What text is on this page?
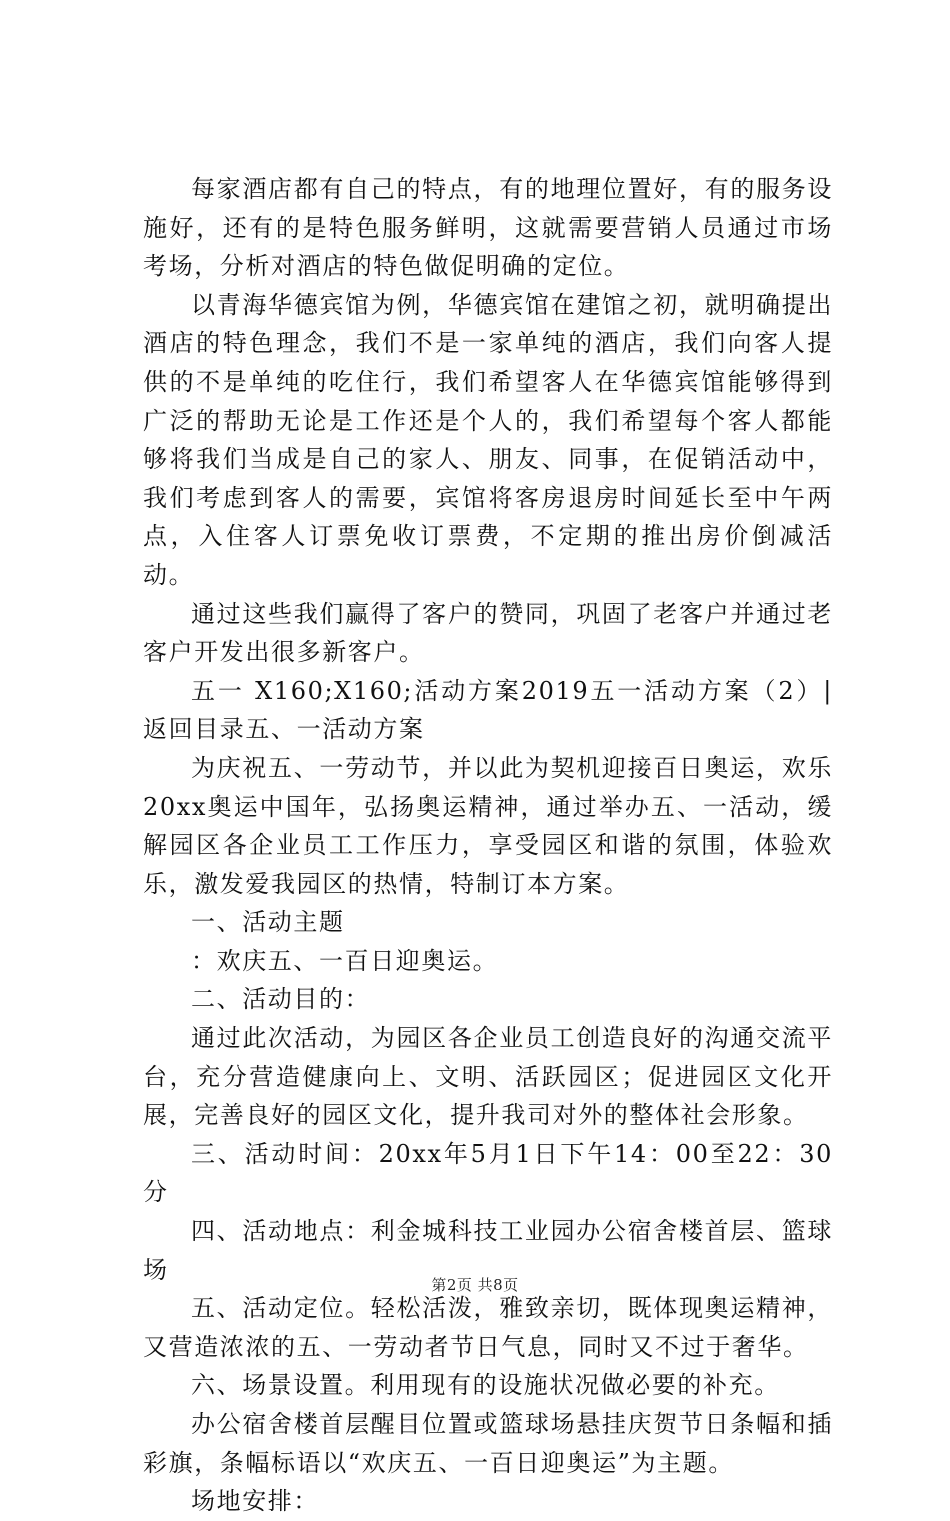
每家酒店都有自己的特点，有的地理位置好，有的服务设施好，还有的是特色服务鲜明，这就需要营销人员通过市场考场，分析对酒店的特色做促明确的定位。

以青海华德宾馆为例，华德宾馆在建馆之初，就明确提出酒店的特色理念，我们不是一家单纯的酒店，我们向客人提供的不是单纯的吃住行，我们希望客人在华德宾馆能够得到广泛的帮助无论是工作还是个人的，我们希望每个客人都能够将我们当成是自己的家人、朋友、同事，在促销活动中，我们考虑到客人的需要，宾馆将客房退房时间延长至中午两点，入住客人订票免收订票费，不定期的推出房价倒减活动。

通过这些我们赢得了客户的赞同，巩固了老客户并通过老客户开发出很多新客户。

五一 X160;X160;活动方案2019五一活动方案（2）|返回目录五、一活动方案

为庆祝五、一劳动节，并以此为契机迎接百日奥运，欢乐20xx奥运中国年，弘扬奥运精神，通过举办五、一活动，缓解园区各企业员工工作压力，享受园区和谐的氛围，体验欢乐，激发爱我园区的热情，特制订本方案。

一、活动主题

：欢庆五、一百日迎奥运。

二、活动目的：

通过此次活动，为园区各企业员工创造良好的沟通交流平台，充分营造健康向上、文明、活跃园区；促进园区文化开展，完善良好的园区文化，提升我司对外的整体社会形象。

三、活动时间：20xx年5月1日下午14：00至22：30分

四、活动地点：利金城科技工业园办公宿舍楼首层、篮球场

五、活动定位。轻松活泼，雅致亲切，既体现奥运精神，又营造浓浓的五、一劳动者节日气息，同时又不过于奢华。

六、场景设置。利用现有的设施状况做必要的补充。

办公宿舍楼首层醒目位置或篮球场悬挂庆贺节日条幅和插彩旗，条幅标语以“欢庆五、一百日迎奥运”为主题。

场地安排：

第2页 共8页
